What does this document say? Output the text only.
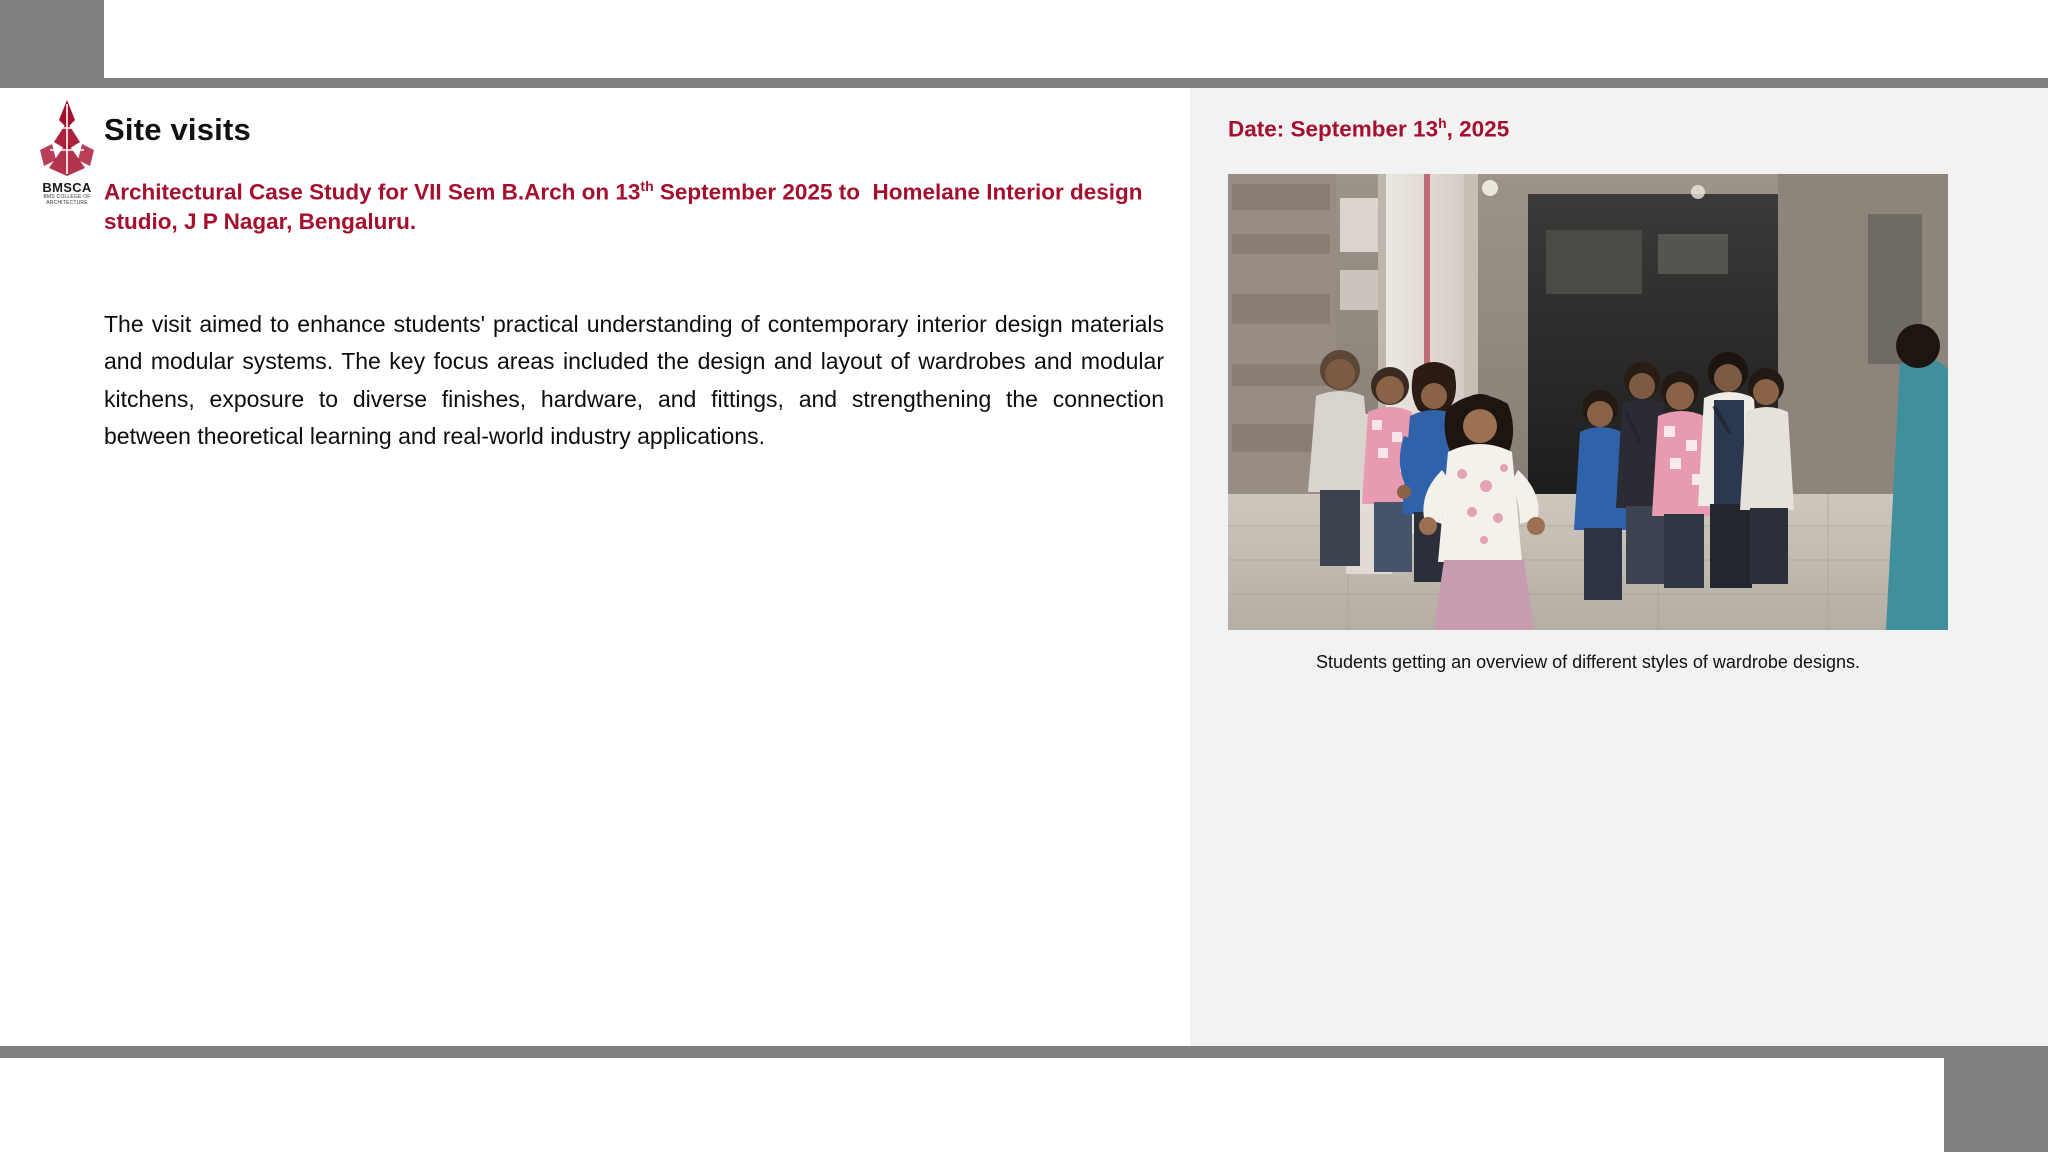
BMSCA
BMS COLLEGE OF ARCHITECTURE
Site visits
Architectural Case Study for VII Sem B.Arch on 13th September 2025 to  Homelane Interior design studio, J P Nagar, Bengaluru.
The visit aimed to enhance students' practical understanding of contemporary interior design materials and modular systems. The key focus areas included the design and layout of wardrobes and modular kitchens, exposure to diverse finishes, hardware, and fittings, and strengthening the connection between theoretical learning and real-world industry applications.
Date: September 13$^h$, 2025
Students getting an overview of different styles of wardrobe designs.
